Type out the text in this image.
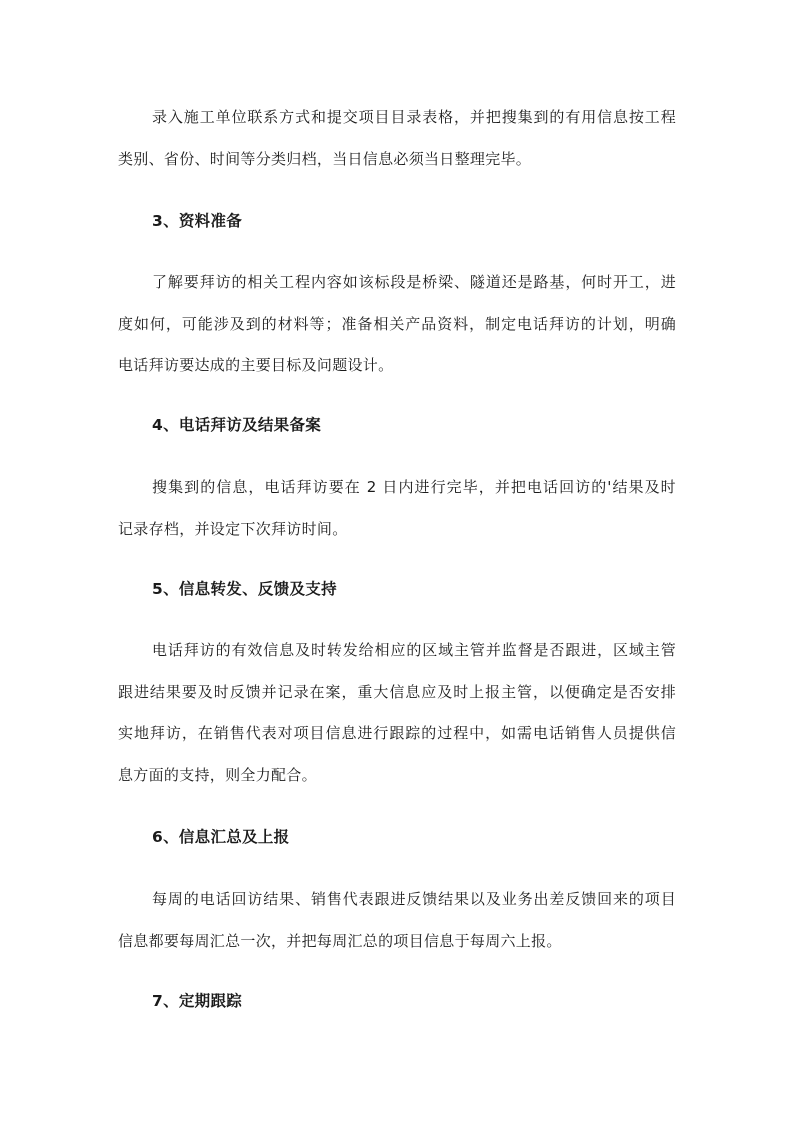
录入施工单位联系方式和提交项目目录表格，并把搜集到的有用信息按工程
类别、省份、时间等分类归档，当日信息必须当日整理完毕。
3、资料准备
了解要拜访的相关工程内容如该标段是桥梁、隧道还是路基，何时开工，进
度如何，可能涉及到的材料等；准备相关产品资料，制定电话拜访的计划，明确
电话拜访要达成的主要目标及问题设计。
4、电话拜访及结果备案
搜集到的信息，电话拜访要在 2 日内进行完毕，并把电话回访的'结果及时
记录存档，并设定下次拜访时间。
5、信息转发、反馈及支持
电话拜访的有效信息及时转发给相应的区域主管并监督是否跟进，区域主管
跟进结果要及时反馈并记录在案，重大信息应及时上报主管，以便确定是否安排
实地拜访，在销售代表对项目信息进行跟踪的过程中，如需电话销售人员提供信
息方面的支持，则全力配合。
6、信息汇总及上报
每周的电话回访结果、销售代表跟进反馈结果以及业务出差反馈回来的项目
信息都要每周汇总一次，并把每周汇总的项目信息于每周六上报。
7、定期跟踪
